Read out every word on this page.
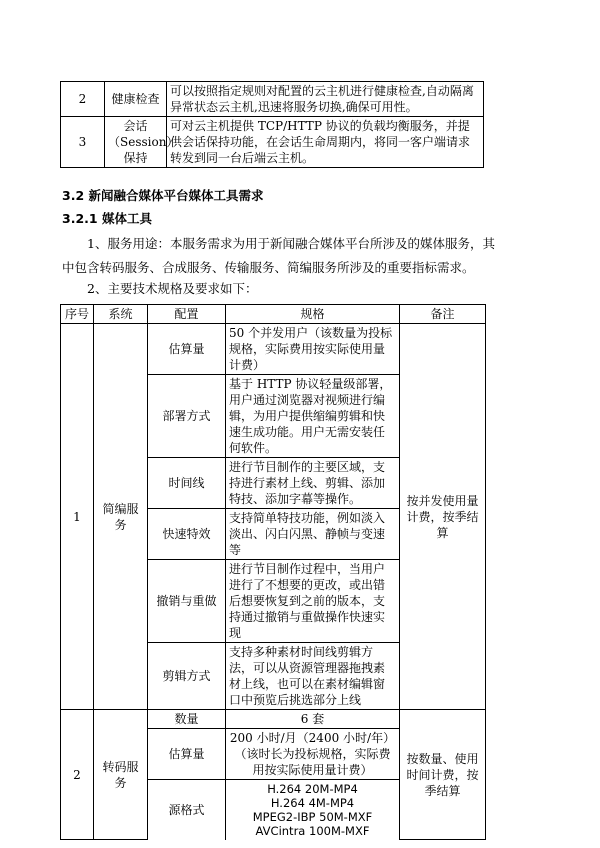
2	健康检查	可以按照指定规则对配置的云主机进行健康检查,自动隔离异常状态云主机,迅速将服务切换,确保可用性。
3	会话（Session）保持	可对云主机提供 TCP/HTTP 协议的负载均衡服务，并提供会话保持功能，在会话生命周期内，将同一客户端请求转发到同一台后端云主机。
3.2 新闻融合媒体平台媒体工具需求
3.2.1 媒体工具

1、服务用途：本服务需求为用于新闻融合媒体平台所涉及的媒体服务，其中包含转码服务、合成服务、传输服务、简编服务所涉及的重要指标需求。

2、主要技术规格及要求如下：

序号	系统	配置	规格	备注
1	简编服务	估算量	50 个并发用户（该数量为投标规格，实际费用按实际使用量计费）	按并发使用量计费，按季结算
		部署方式	基于 HTTP 协议轻量级部署，用户通过浏览器对视频进行编辑，为用户提供缩编剪辑和快速生成功能。用户无需安装任何软件。	
		时间线	进行节目制作的主要区域，支持进行素材上线、剪辑、添加特技、添加字幕等操作。	
		快速特效	支持简单特技功能，例如淡入淡出、闪白闪黑、静帧与变速等	
		撤销与重做	进行节目制作过程中，当用户进行了不想要的更改，或出错后想要恢复到之前的版本，支持通过撤销与重做操作快速实现	
		剪辑方式	支持多种素材时间线剪辑方法，可以从资源管理器拖拽素材上线，也可以在素材编辑窗口中预览后挑选部分上线	
2	转码服务	数量	6 套	按数量、使用时间计费，按季结算
		估算量	200 小时/月（2400 小时/年）（该时长为投标规格，实际费用按实际使用量计费）	
		源格式	H.264 20M-MP4
H.264 4M-MP4
MPEG2-IBP 50M-MXF
AVCintra 100M-MXF	
